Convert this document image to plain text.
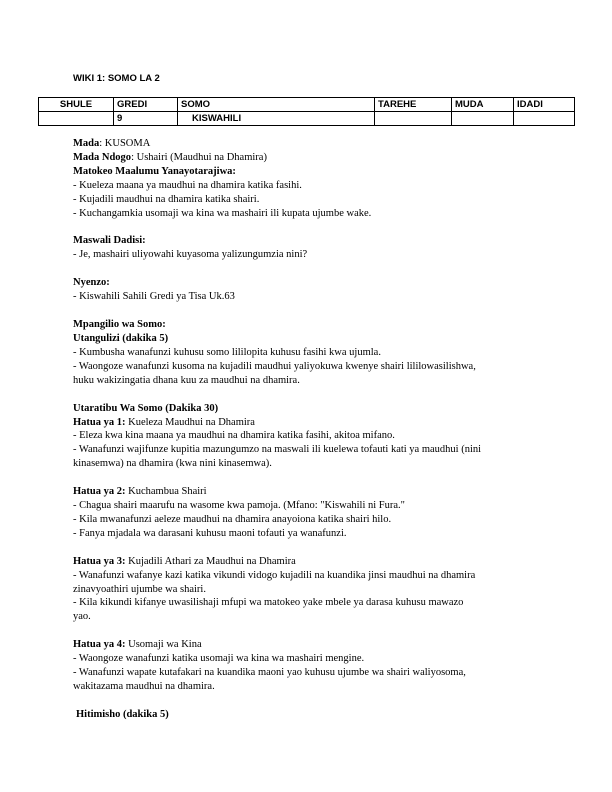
WIKI 1: SOMO LA 2
SHULE	GREDI	SOMO	TAREHE	MUDA	IDADI
	9	KISWAHILI			

Mada: KUSOMA

Mada Ndogo: Ushairi (Maudhui na Dhamira)

Matokeo Maalumu Yanayotarajiwa:

- Kueleza maana ya maudhui na dhamira katika fasihi.

- Kujadili maudhui na dhamira katika shairi.

- Kuchangamkia usomaji wa kina wa mashairi ili kupata ujumbe wake.

Maswali Dadisi:

- Je, mashairi uliyowahi kuyasoma yalizungumzia nini?

Nyenzo:

- Kiswahili Sahili Gredi ya Tisa Uk.63

Mpangilio wa Somo:

Utangulizi (dakika 5)

- Kumbusha wanafunzi kuhusu somo lililopita kuhusu fasihi kwa ujumla.

- Waongoze wanafunzi kusoma na kujadili maudhui yaliyokuwa kwenye shairi lililowasilishwa,

huku wakizingatia dhana kuu za maudhui na dhamira.

Utaratibu Wa Somo (Dakika 30)

Hatua ya 1: Kueleza Maudhui na Dhamira

- Eleza kwa kina maana ya maudhui na dhamira katika fasihi, akitoa mifano.

- Wanafunzi wajifunze kupitia mazungumzo na maswali ili kuelewa tofauti kati ya maudhui (nini

kinasemwa) na dhamira (kwa nini kinasemwa).

Hatua ya 2: Kuchambua Shairi

- Chagua shairi maarufu na wasome kwa pamoja. (Mfano: "Kiswahili ni Fura."

- Kila mwanafunzi aeleze maudhui na dhamira anayoiona katika shairi hilo.

- Fanya mjadala wa darasani kuhusu maoni tofauti ya wanafunzi.

Hatua ya 3: Kujadili Athari za Maudhui na Dhamira

- Wanafunzi wafanye kazi katika vikundi vidogo kujadili na kuandika jinsi maudhui na dhamira

zinavyoathiri ujumbe wa shairi.

- Kila kikundi kifanye uwasilishaji mfupi wa matokeo yake mbele ya darasa kuhusu mawazo

yao.

Hatua ya 4: Usomaji wa Kina

- Waongoze wanafunzi katika usomaji wa kina wa mashairi mengine.

- Wanafunzi wapate kutafakari na kuandika maoni yao kuhusu ujumbe wa shairi waliyosoma,

wakitazama maudhui na dhamira.

Hitimisho (dakika 5)
